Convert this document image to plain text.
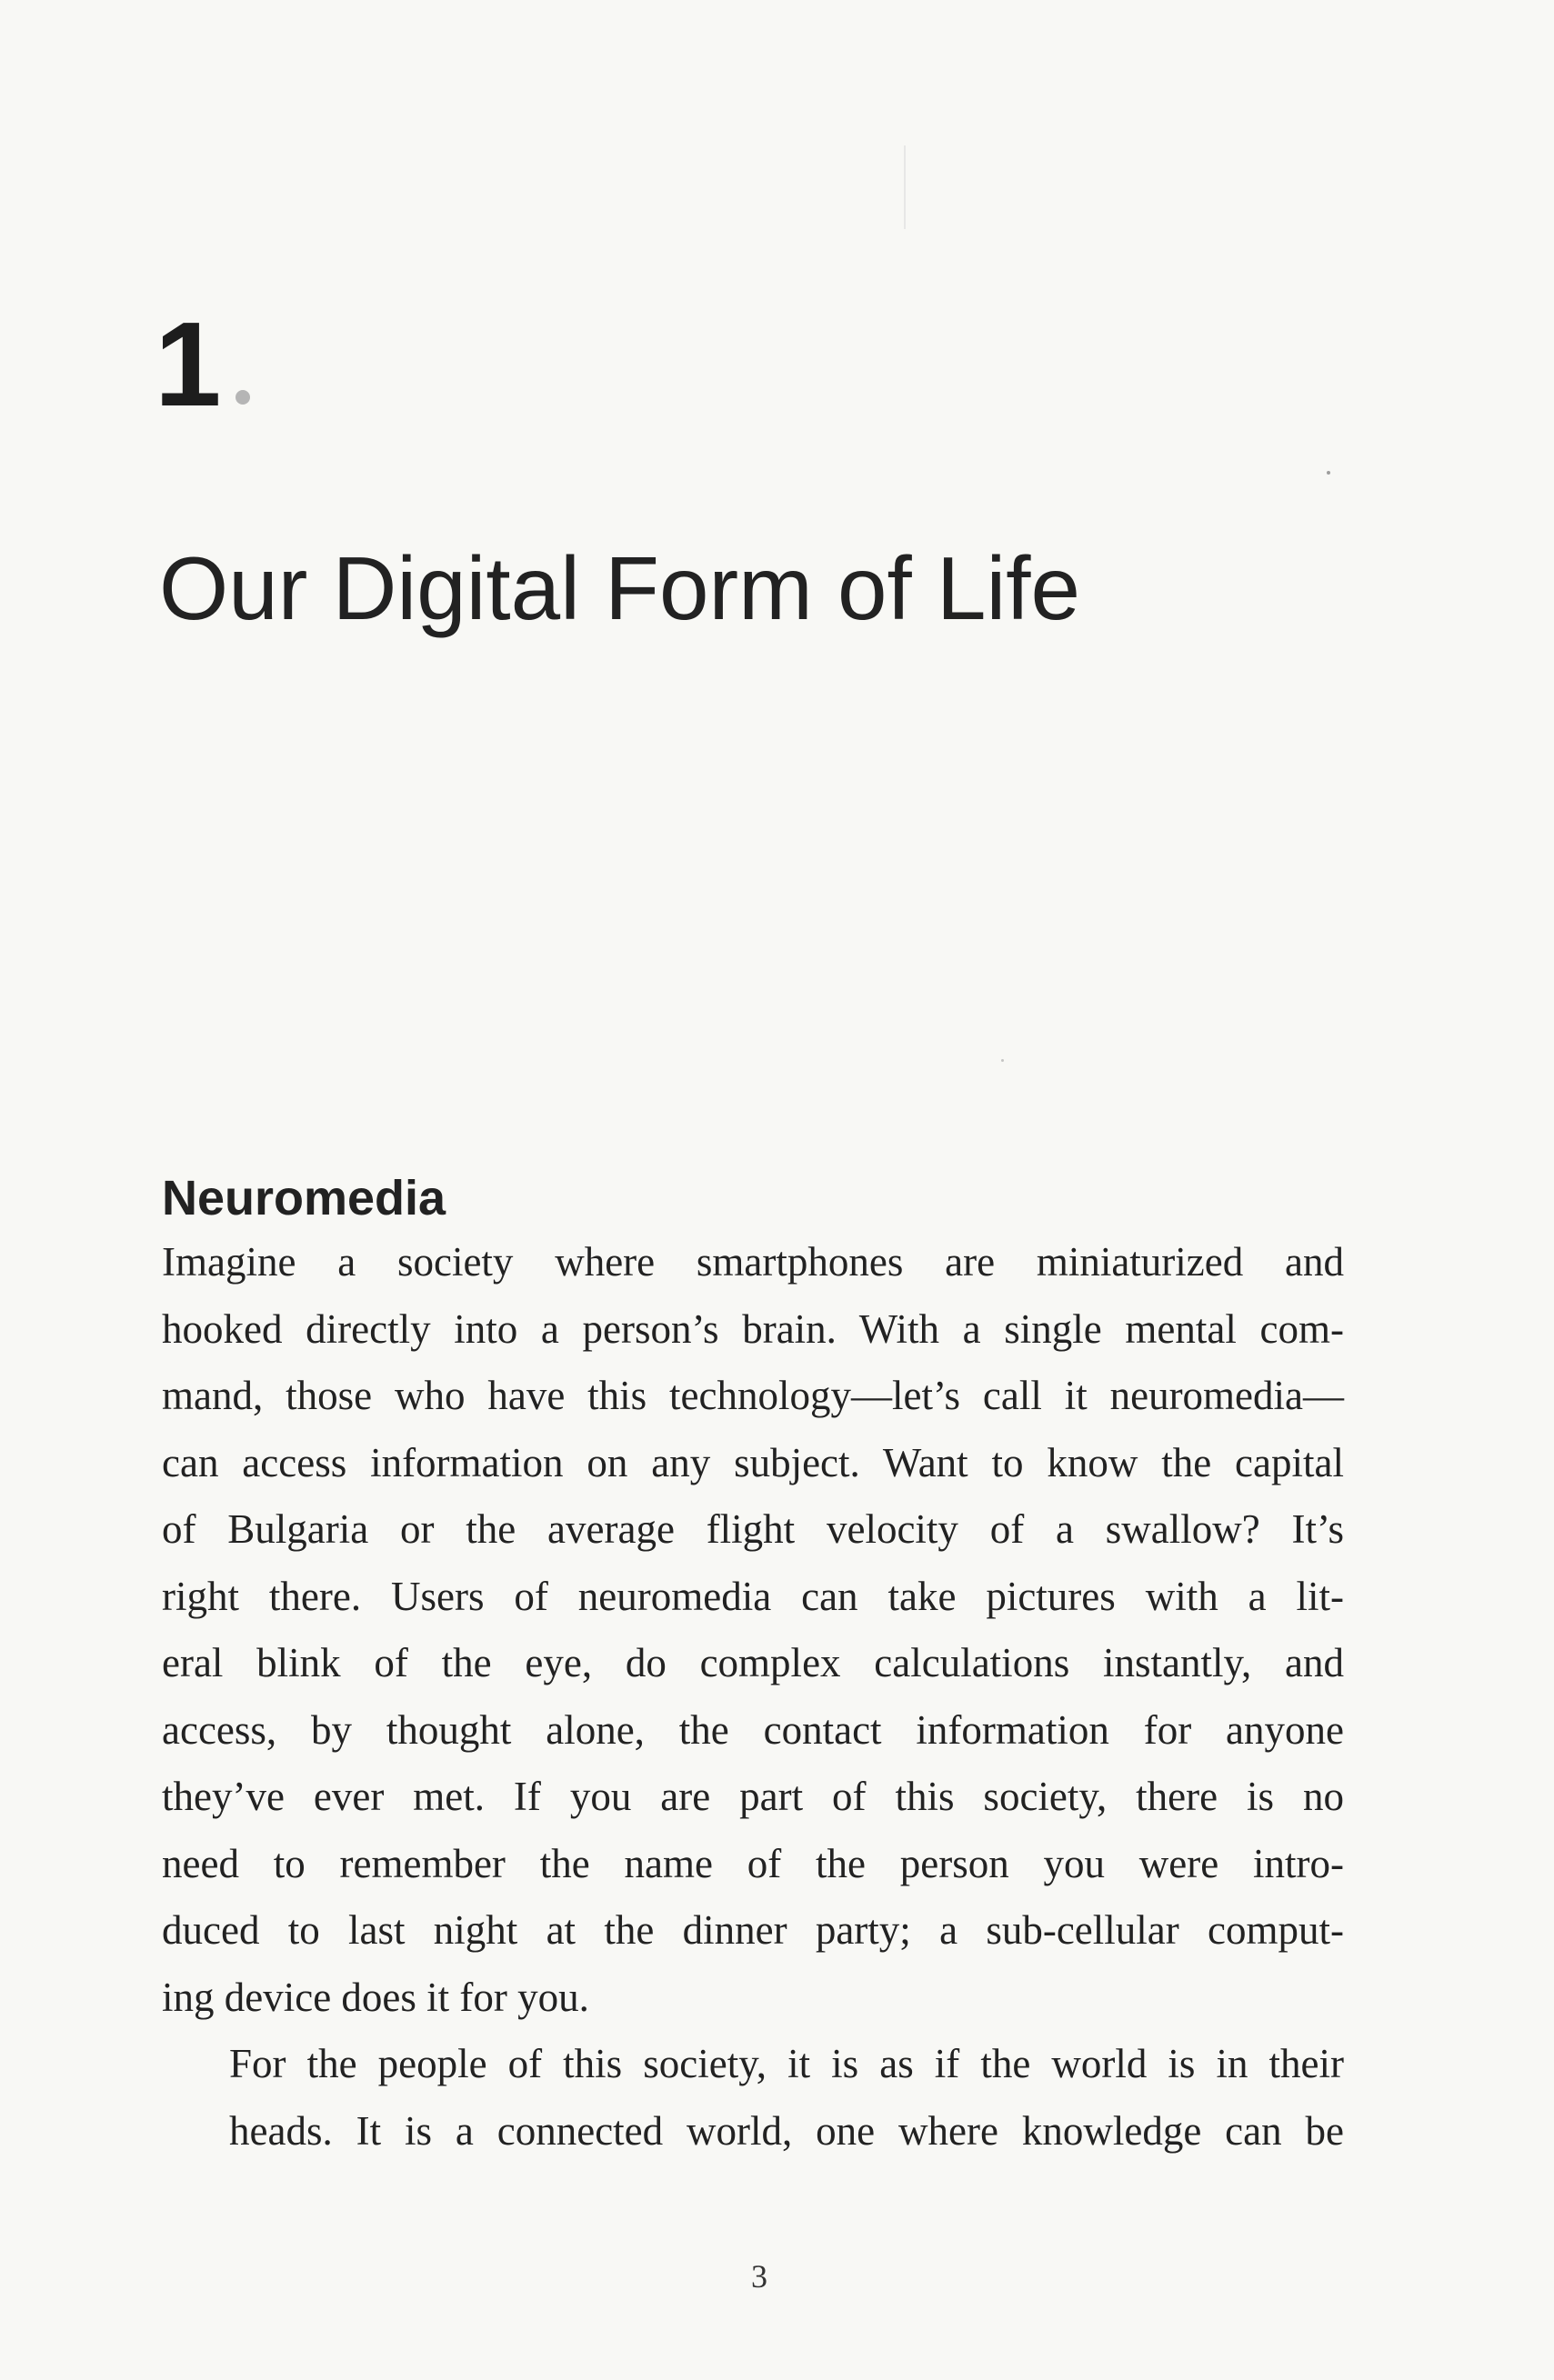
1
Our Digital Form of Life
Neuromedia

Imagine a society where smartphones are miniaturized and
hooked directly into a person’s brain. With a single mental com-
mand, those who have this technology—let’s call it neuromedia—
can access information on any subject. Want to know the capital
of Bulgaria or the average flight velocity of a swallow? It’s
right there. Users of neuromedia can take pictures with a lit-
eral blink of the eye, do complex calculations instantly, and
access, by thought alone, the contact information for anyone
they’ve ever met. If you are part of this society, there is no
need to remember the name of the person you were intro-
duced to last night at the dinner party; a sub-cellular comput-
ing device does it for you.

For the people of this society, it is as if the world is in their
heads. It is a connected world, one where knowledge can be

3
